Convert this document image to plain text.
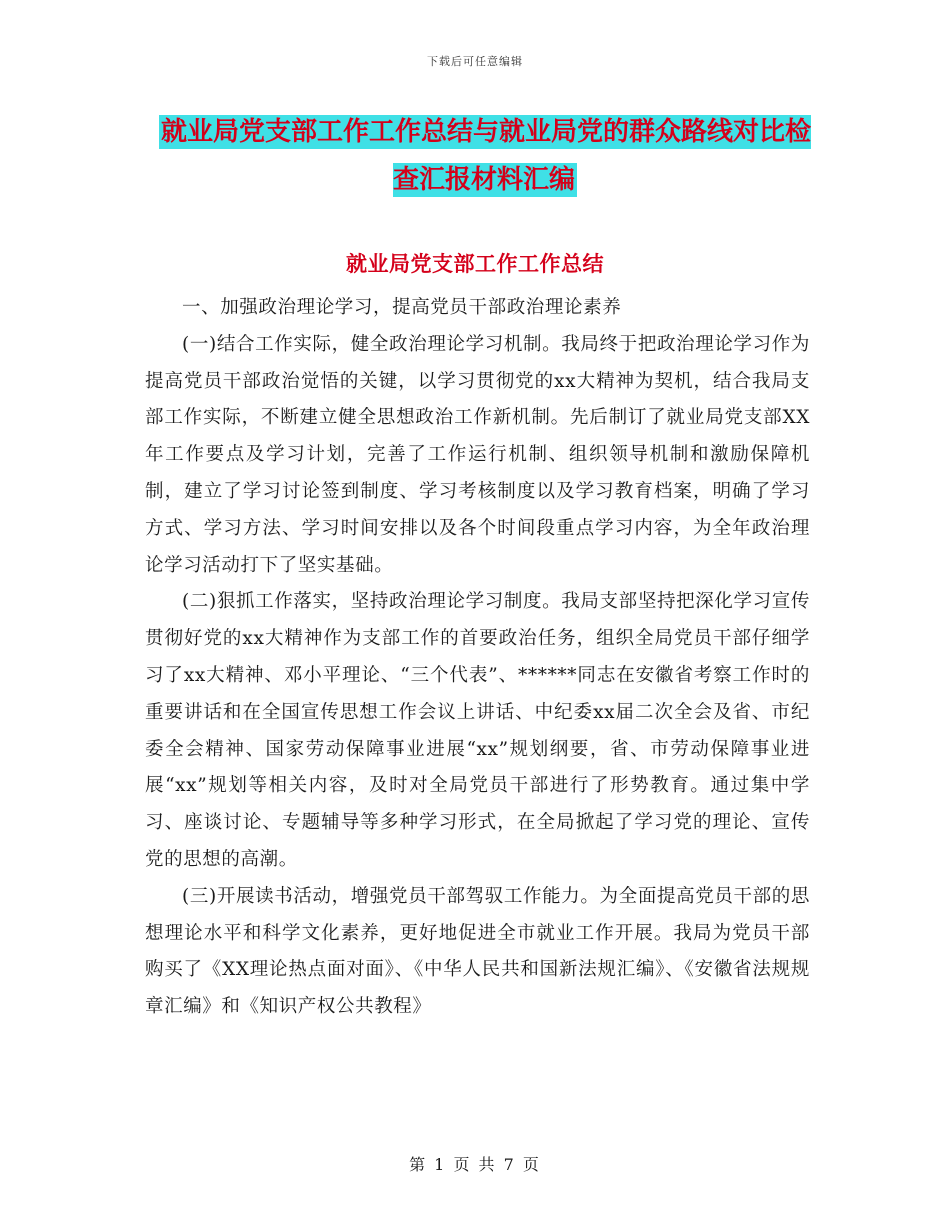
下载后可任意编辑
就业局党支部工作工作总结与就业局党的群众路线对比检查汇报材料汇编
就业局党支部工作工作总结

一、加强政治理论学习，提高党员干部政治理论素养

(一)结合工作实际，健全政治理论学习机制。我局终于把政治理论学习作为提高党员干部政治觉悟的关键，以学习贯彻党的xx大精神为契机，结合我局支部工作实际，不断建立健全思想政治工作新机制。先后制订了就业局党支部XX年工作要点及学习计划，完善了工作运行机制、组织领导机制和激励保障机制，建立了学习讨论签到制度、学习考核制度以及学习教育档案，明确了学习方式、学习方法、学习时间安排以及各个时间段重点学习内容，为全年政治理论学习活动打下了坚实基础。

(二)狠抓工作落实，坚持政治理论学习制度。我局支部坚持把深化学习宣传贯彻好党的xx大精神作为支部工作的首要政治任务，组织全局党员干部仔细学习了xx大精神、邓小平理论、“三个代表”、******同志在安徽省考察工作时的重要讲话和在全国宣传思想工作会议上讲话、中纪委xx届二次全会及省、市纪委全会精神、国家劳动保障事业进展“xx”规划纲要，省、市劳动保障事业进展“xx”规划等相关内容，及时对全局党员干部进行了形势教育。通过集中学习、座谈讨论、专题辅导等多种学习形式，在全局掀起了学习党的理论、宣传党的思想的高潮。

(三)开展读书活动，增强党员干部驾驭工作能力。为全面提高党员干部的思想理论水平和科学文化素养，更好地促进全市就业工作开展。我局为党员干部购买了《XX理论热点面对面》、《中华人民共和国新法规汇编》、《安徽省法规规章汇编》和《知识产权公共教程》

第 1 页 共 7 页
